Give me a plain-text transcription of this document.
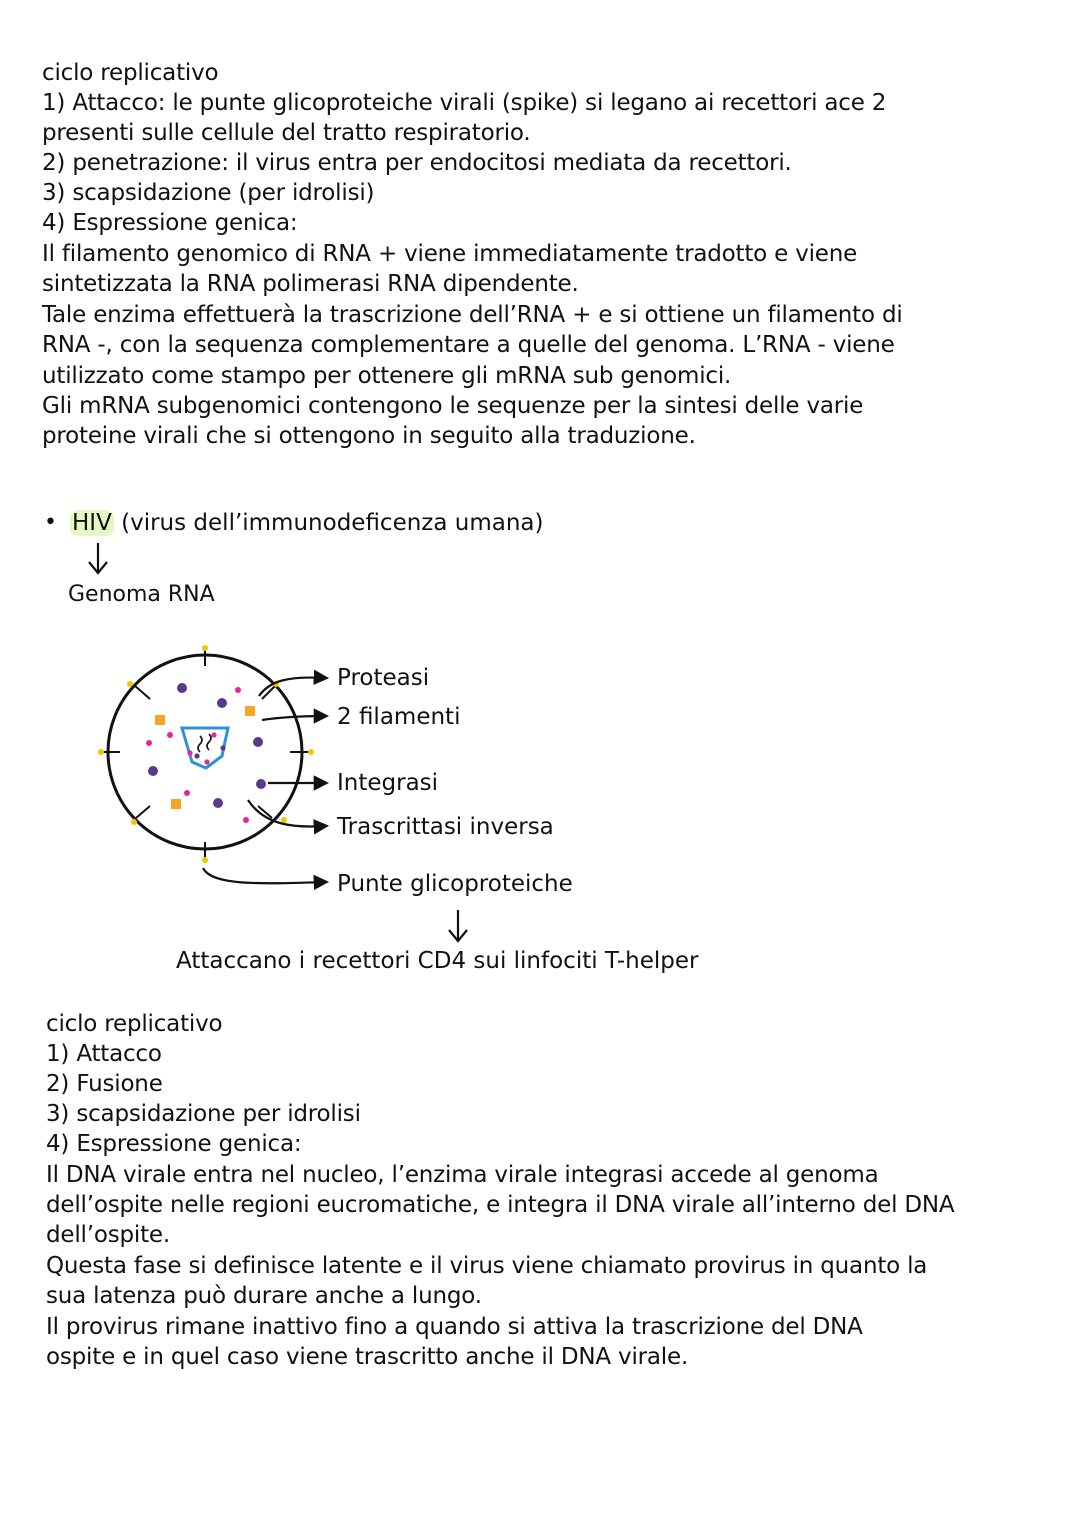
ciclo replicativo
1) Attacco: le punte glicoproteiche virali (spike) si legano ai recettori ace 2
presenti sulle cellule del tratto respiratorio.
2) penetrazione: il virus entra per endocitosi mediata da recettori.
3) scapsidazione (per idrolisi)
4) Espressione genica:
Il filamento genomico di RNA + viene immediatamente tradotto e viene
sintetizzata la RNA polimerasi RNA dipendente.
Tale enzima effettuerà la trascrizione dell’RNA + e si ottiene un filamento di
RNA -, con la sequenza complementare a quelle del genoma. L’RNA - viene
utilizzato come stampo per ottenere gli mRNA sub genomici.
Gli mRNA subgenomici contengono le sequenze per la sintesi delle varie
proteine virali che si ottengono in seguito alla traduzione.
• HIV (virus dell’immunodeficenza umana)
Genoma RNA
Proteasi
2 filamenti
Integrasi
Trascrittasi inversa
Punte glicoproteiche
Attaccano i recettori CD4 sui linfociti T-helper
ciclo replicativo
1) Attacco
2) Fusione
3) scapsidazione per idrolisi
4) Espressione genica:
Il DNA virale entra nel nucleo, l’enzima virale integrasi accede al genoma
dell’ospite nelle regioni eucromatiche, e integra il DNA virale all’interno del DNA
dell’ospite.
Questa fase si definisce latente e il virus viene chiamato provirus in quanto la
sua latenza può durare anche a lungo.
Il provirus rimane inattivo fino a quando si attiva la trascrizione del DNA
ospite e in quel caso viene trascritto anche il DNA virale.
